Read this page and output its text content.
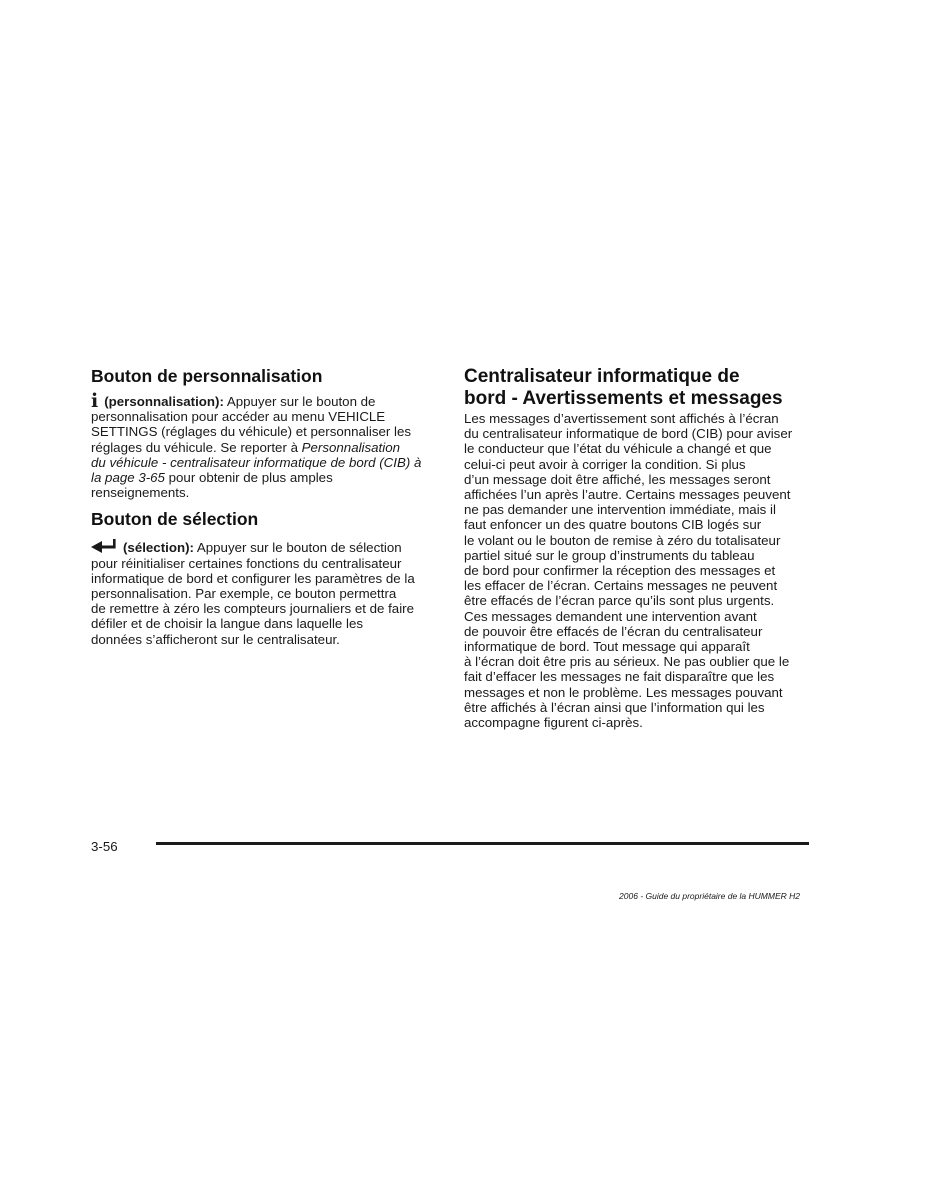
Bouton de personnalisation

i (personnalisation): Appuyer sur le bouton de
personnalisation pour accéder au menu VEHICLE
SETTINGS (réglages du véhicule) et personnaliser les
réglages du véhicule. Se reporter à Personnalisation
du véhicule - centralisateur informatique de bord (CIB) à
la page 3-65 pour obtenir de plus amples
renseignements.

Bouton de sélection

(sélection): Appuyer sur le bouton de sélection
pour réinitialiser certaines fonctions du centralisateur
informatique de bord et configurer les paramètres de la
personnalisation. Par exemple, ce bouton permettra
de remettre à zéro les compteurs journaliers et de faire
défiler et de choisir la langue dans laquelle les
données s’afficheront sur le centralisateur.

Centralisateur informatique de
bord - Avertissements et messages

Les messages d’avertissement sont affichés à l’écran
du centralisateur informatique de bord (CIB) pour aviser
le conducteur que l’état du véhicule a changé et que
celui-ci peut avoir à corriger la condition. Si plus
d’un message doit être affiché, les messages seront
affichées l’un après l’autre. Certains messages peuvent
ne pas demander une intervention immédiate, mais il
faut enfoncer un des quatre boutons CIB logés sur
le volant ou le bouton de remise à zéro du totalisateur
partiel situé sur le group d’instruments du tableau
de bord pour confirmer la réception des messages et
les effacer de l’écran. Certains messages ne peuvent
être effacés de l’écran parce qu’ils sont plus urgents.
Ces messages demandent une intervention avant
de pouvoir être effacés de l’écran du centralisateur
informatique de bord. Tout message qui apparaît
à l’écran doit être pris au sérieux. Ne pas oublier que le
fait d’effacer les messages ne fait disparaître que les
messages et non le problème. Les messages pouvant
être affichés à l’écran ainsi que l’information qui les
accompagne figurent ci-après.

3-56
2006 - Guide du propriétaire de la HUMMER H2
